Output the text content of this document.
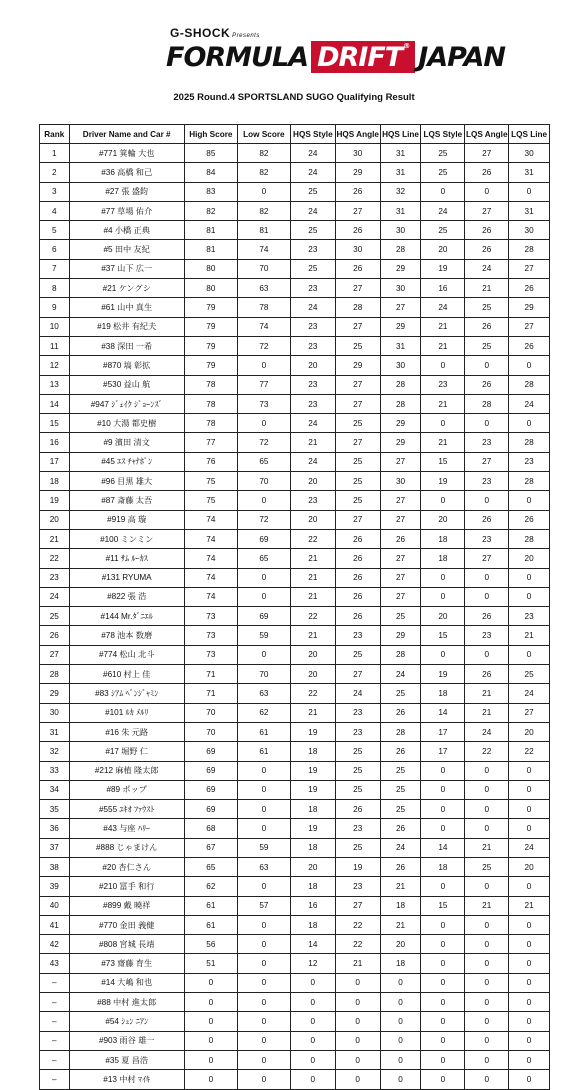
G-SHOCK Presents
FORMULA DRIFT® JAPAN
2025 Round.4 SPORTSLAND SUGO Qualifying Result
Rank	Driver Name and Car #	High Score	Low Score	HQS Style	HQS Angle	HQS Line	LQS Style	LQS Angle	LQS Line
1	#771 箕輪 大也	85	82	24	30	31	25	27	30
2	#36 高橋 和己	84	82	24	29	31	25	26	31
3	#27 張 盛鈞	83	0	25	26	32	0	0	0
4	#77 草場 佑介	82	82	24	27	31	24	27	31
5	#4 小橋 正典	81	81	25	26	30	25	26	30
6	#5 田中 友紀	81	74	23	30	28	20	26	28
7	#37 山下 広一	80	70	25	26	29	19	24	27
8	#21 ケングシ	80	63	23	27	30	16	21	26
9	#61 山中 真生	79	78	24	28	27	24	25	29
10	#19 松井 有紀夫	79	74	23	27	29	21	26	27
11	#38 深田 一希	79	72	23	25	31	21	25	26
12	#870 塙 彰拡	79	0	20	29	30	0	0	0
13	#530 益山 航	78	77	23	27	28	23	26	28
14	#947 ｼﾞｪｲｸ ｼﾞｮｰﾝｽﾞ	78	73	23	27	28	21	28	24
15	#10 大湯 都史樹	78	0	24	25	29	0	0	0
16	#9 濱田 清文	77	72	21	27	29	21	23	28
17	#45 ｴｽ ﾁｬﾅﾎﾟﾝ	76	65	24	25	27	15	27	23
18	#96 目黒 雄大	75	70	20	25	30	19	23	28
19	#87 斎藤 太吾	75	0	23	25	27	0	0	0
20	#919 高 璇	74	72	20	27	27	20	26	26
21	#100 ミンミン	74	69	22	26	26	18	23	28
22	#11 ｻﾑ ﾙｰｶｽ	74	65	21	26	27	18	27	20
23	#131 RYUMA	74	0	21	26	27	0	0	0
24	#822 張 浩	74	0	21	26	27	0	0	0
25	#144 Mr.ﾀﾞﾆｴﾙ	73	69	22	26	25	20	26	23
26	#78 池本 数磨	73	59	21	23	29	15	23	21
27	#774 松山 北斗	73	0	20	25	28	0	0	0
28	#610 村上 佳	71	70	20	27	24	19	26	25
29	#83 ｼｱﾑ ﾍﾞﾝｼﾞｬﾐﾝ	71	63	22	24	25	18	21	24
30	#101 ﾙｶ ﾒﾙﾘ	70	62	21	23	26	14	21	27
31	#16 朱 元路	70	61	19	23	28	17	24	20
32	#17 堀野 仁	69	61	18	25	26	17	22	22
33	#212 麻植 隆太郎	69	0	19	25	25	0	0	0
34	#89 ポップ	69	0	19	25	25	0	0	0
35	#555 ﾕｷｵ ﾌｧｳｽﾄ	69	0	18	26	25	0	0	0
36	#43 与座 ﾊﾘｰ	68	0	19	23	26	0	0	0
37	#888 じゃまけん	67	59	18	25	24	14	21	24
38	#20 杏仁さん	65	63	20	19	26	18	25	20
39	#210 冨手 和行	62	0	18	23	21	0	0	0
40	#899 戴 曉祥	61	57	16	27	18	15	21	21
41	#770 金田 義健	61	0	18	22	21	0	0	0
42	#808 宮城 長靖	56	0	14	22	20	0	0	0
43	#73 齋藤 育生	51	0	12	21	18	0	0	0
–	#14 大嶋 和也	0	0	0	0	0	0	0	0
–	#88 中村 進太郎	0	0	0	0	0	0	0	0
–	#54 ｼｭﾝ ﾆｱﾝ	0	0	0	0	0	0	0	0
–	#903 雨谷 雄一	0	0	0	0	0	0	0	0
–	#35 夏 昌浩	0	0	0	0	0	0	0	0
–	#13 中村 ﾏｲｷ	0	0	0	0	0	0	0	0
